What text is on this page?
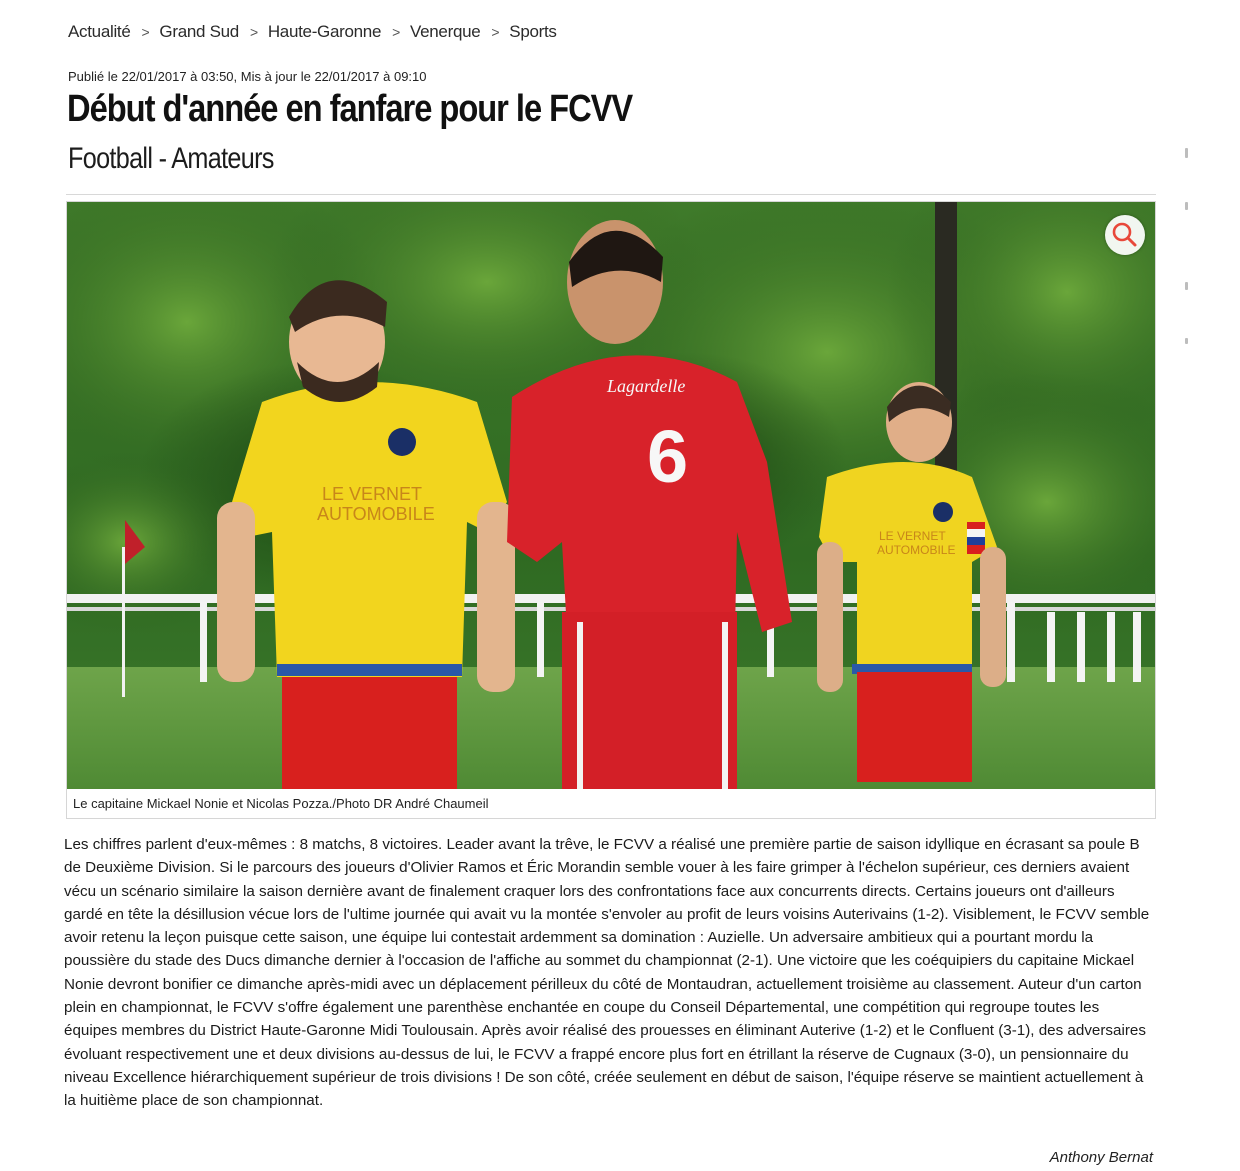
Actualité > Grand Sud > Haute-Garonne > Venerque > Sports
Publié le 22/01/2017 à 03:50, Mis à jour le 22/01/2017 à 09:10
Début d'année en fanfare pour le FCVV
Football - Amateurs
LE VERNET
AUTOMOBILE
6
Lagardelle
LE VERNET
AUTOMOBILE
Le capitaine Mickael Nonie et Nicolas Pozza./Photo DR André Chaumeil

Les chiffres parlent d'eux-mêmes : 8 matchs, 8 victoires. Leader avant la trêve, le FCVV a réalisé une première partie de saison idyllique en écrasant sa poule B de Deuxième Division. Si le parcours des joueurs d'Olivier Ramos et Éric Morandin semble vouer à les faire grimper à l'échelon supérieur, ces derniers avaient vécu un scénario similaire la saison dernière avant de finalement craquer lors des confrontations face aux concurrents directs. Certains joueurs ont d'ailleurs gardé en tête la désillusion vécue lors de l'ultime journée qui avait vu la montée s'envoler au profit de leurs voisins Auterivains (1-2). Visiblement, le FCVV semble avoir retenu la leçon puisque cette saison, une équipe lui contestait ardemment sa domination : Auzielle. Un adversaire ambitieux qui a pourtant mordu la poussière du stade des Ducs dimanche dernier à l'occasion de l'affiche au sommet du championnat (2-1). Une victoire que les coéquipiers du capitaine Mickael Nonie devront bonifier ce dimanche après-midi avec un déplacement périlleux du côté de Montaudran, actuellement troisième au classement. Auteur d'un carton plein en championnat, le FCVV s'offre également une parenthèse enchantée en coupe du Conseil Départemental, une compétition qui regroupe toutes les équipes membres du District Haute-Garonne Midi Toulousain. Après avoir réalisé des prouesses en éliminant Auterive (1-2) et le Confluent (3-1), des adversaires évoluant respectivement une et deux divisions au-dessus de lui, le FCVV a frappé encore plus fort en étrillant la réserve de Cugnaux (3-0), un pensionnaire du niveau Excellence hiérarchiquement supérieur de trois divisions ! De son côté, créée seulement en début de saison, l'équipe réserve se maintient actuellement à la huitième place de son championnat.

Anthony Bernat
